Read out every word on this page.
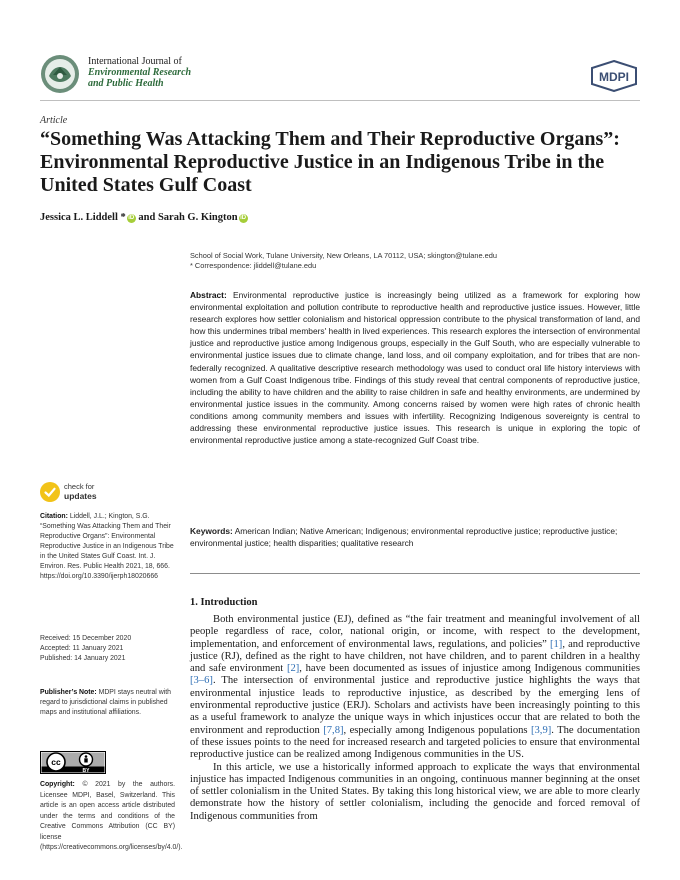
International Journal of
Environmental Research
and Public Health	MDPI
Article
“Something Was Attacking Them and Their Reproductive Organs”: Environmental Reproductive Justice in an Indigenous Tribe in the United States Gulf Coast
Jessica L. Liddell * iD and Sarah G. Kington iD
School of Social Work, Tulane University, New Orleans, LA 70112, USA; skington@tulane.edu
* Correspondence: jliddell@tulane.edu
Abstract: Environmental reproductive justice is increasingly being utilized as a framework for exploring how environmental exploitation and pollution contribute to reproductive health and reproductive justice issues. However, little research explores how settler colonialism and historical oppression contribute to the physical transformation of land, and how this undermines tribal members' health in lived experiences. This research explores the intersection of environmental justice and reproductive justice among Indigenous groups, especially in the Gulf South, who are especially vulnerable to environmental justice issues due to climate change, land loss, and oil company exploitation, and for tribes that are non-federally recognized. A qualitative descriptive research methodology was used to conduct oral life history interviews with women from a Gulf Coast Indigenous tribe. Findings of this study reveal that central components of reproductive justice, including the ability to have children and the ability to raise children in safe and healthy environments, are undermined by environmental justice issues in the community. Among concerns raised by women were high rates of chronic health conditions among community members and issues with infertility. Recognizing Indigenous sovereignty is central to addressing these environmental reproductive justice issues. This research is unique in exploring the topic of environmental reproductive justice among a state-recognized Gulf Coast tribe.
Keywords: American Indian; Native American; Indigenous; environmental reproductive justice; reproductive justice; environmental justice; health disparities; qualitative research
check for
updates
Citation: Liddell, J.L.; Kington, S.G. “Something Was Attacking Them and Their Reproductive Organs”: Environmental Reproductive Justice in an Indigenous Tribe in the United States Gulf Coast. Int. J. Environ. Res. Public Health 2021, 18, 666. https://doi.org/10.3390/ijerph18020666
Received: 15 December 2020
Accepted: 11 January 2021
Published: 14 January 2021
Publisher’s Note: MDPI stays neutral with regard to jurisdictional claims in published maps and institutional affiliations.
cc
BY
Copyright: © 2021 by the authors. Licensee MDPI, Basel, Switzerland. This article is an open access article distributed under the terms and conditions of the Creative Commons Attribution (CC BY) license (https://creativecommons.org/licenses/by/4.0/).
1. Introduction

Both environmental justice (EJ), defined as “the fair treatment and meaningful involvement of all people regardless of race, color, national origin, or income, with respect to the development, implementation, and enforcement of environmental laws, regulations, and policies” [1], and reproductive justice (RJ), defined as the right to have children, not have children, and to parent children in a healthy and safe environment [2], have been documented as issues of injustice among Indigenous communities [3–6]. The intersection of environmental justice and reproductive justice highlights the ways that environmental injustice leads to reproductive injustice, as described by the emerging lens of environmental reproductive justice (ERJ). Scholars and activists have been increasingly pointing to this as a useful framework to analyze the unique ways in which injustices occur that are related to both the environment and reproduction [7,8], especially among Indigenous populations [3,9]. The documentation of these issues points to the need for increased research and targeted policies to ensure that environmental reproductive justice can be realized among Indigenous communities in the US.

In this article, we use a historically informed approach to explicate the ways that environmental injustice has impacted Indigenous communities in an ongoing, continuous manner beginning at the onset of settler colonialism in the United States. By taking this long historical view, we are able to more clearly demonstrate how the history of settler colonialism, including the genocide and forced removal of Indigenous communities from
